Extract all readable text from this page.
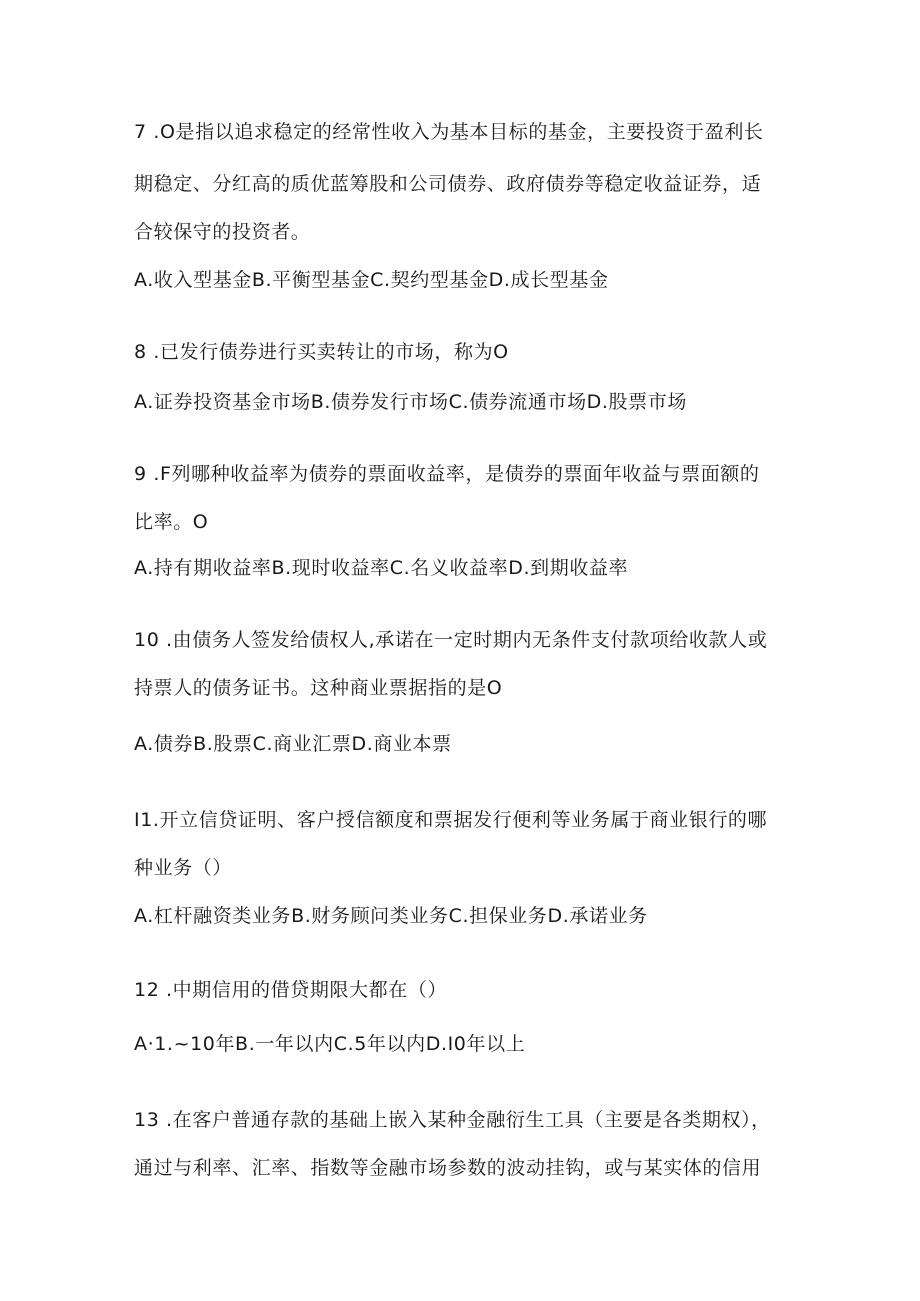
7 .O是指以追求稳定的经常性收入为基本目标的基金，主要投资于盈利长
期稳定、分红高的质优蓝筹股和公司债券、政府债券等稳定收益证券，适
合较保守的投资者。
A.收入型基金B.平衡型基金C.契约型基金D.成长型基金
8 .已发行债券进行买卖转让的市场，称为O
A.证券投资基金市场B.债券发行市场C.债券流通市场D.股票市场
9 .F列哪种收益率为债券的票面收益率，是债券的票面年收益与票面额的
比率。O
A.持有期收益率B.现时收益率C.名义收益率D.到期收益率
10 .由债务人签发给债权人,承诺在一定时期内无条件支付款项给收款人或
持票人的债务证书。这种商业票据指的是O
A.债券B.股票C.商业汇票D.商业本票
I1.开立信贷证明、客户授信额度和票据发行便利等业务属于商业银行的哪
种业务（）
A.杠杆融资类业务B.财务顾问类业务C.担保业务D.承诺业务
12 .中期信用的借贷期限大都在（）
A·1.~10年B.一年以内C.5年以内D.I0年以上
13 .在客户普通存款的基础上嵌入某种金融衍生工具（主要是各类期权），
通过与利率、汇率、指数等金融市场参数的波动挂钩，或与某实体的信用
